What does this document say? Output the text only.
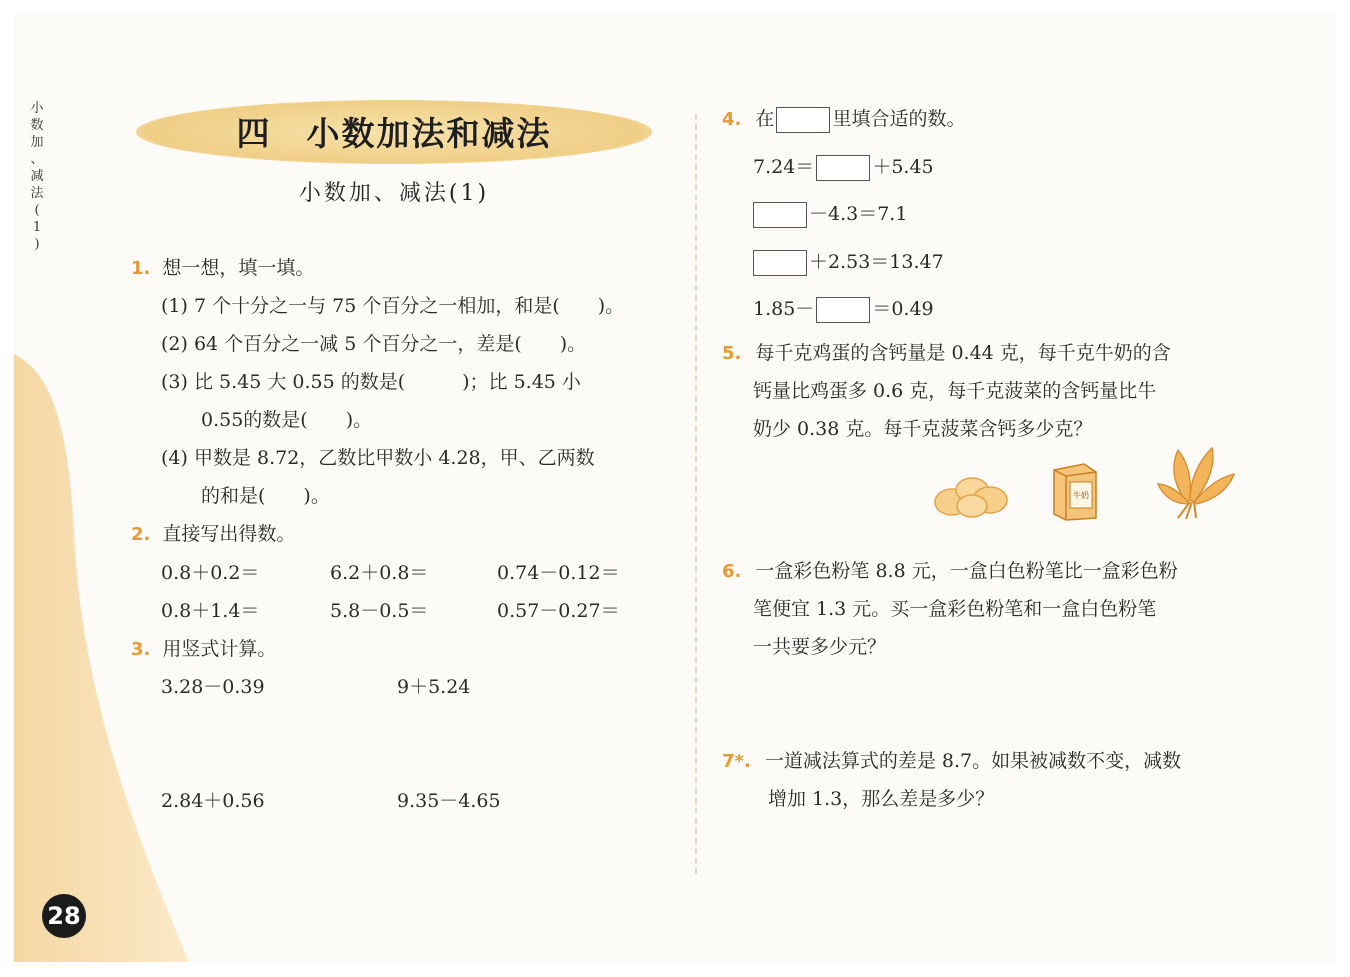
小
数
加
、
减
法
(
1
)
四　小数加法和减法
小数加、减法(1)
1. 想一想，填一填。
(1) 7 个十分之一与 75 个百分之一相加，和是(　　)。
(2) 64 个百分之一减 5 个百分之一，差是(　　)。
(3) 比 5.45 大 0.55 的数是(　　　)；比 5.45 小
0.55的数是(　　)。
(4) 甲数是 8.72，乙数比甲数小 4.28，甲、乙两数
的和是(　　)。
2. 直接写出得数。
0.8＋0.2＝	6.2＋0.8＝	0.74－0.12＝
0.8＋1.4＝	5.8－0.5＝	0.57－0.27＝
3. 用竖式计算。
3.28－0.39	9＋5.24
2.84＋0.56	9.35－4.65
4. 在	里填合适的数。
7.24＝	＋5.45
－4.3＝7.1
＋2.53＝13.47
1.85－	＝0.49
5. 每千克鸡蛋的含钙量是 0.44 克，每千克牛奶的含
钙量比鸡蛋多 0.6 克，每千克菠菜的含钙量比牛
奶少 0.38 克。每千克菠菜含钙多少克？
牛奶
6. 一盒彩色粉笔 8.8 元，一盒白色粉笔比一盒彩色粉
笔便宜 1.3 元。买一盒彩色粉笔和一盒白色粉笔
一共要多少元？
7*. 一道减法算式的差是 8.7。如果被减数不变，减数
增加 1.3，那么差是多少？
28
